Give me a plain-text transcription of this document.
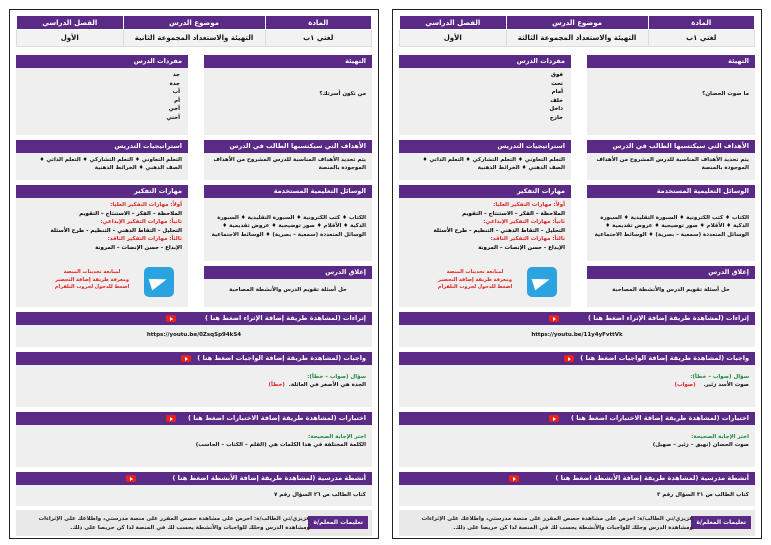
المادة	موضوع الدرس	الفصل الدراسي
لغتي ١ب	التهيئة والاستعداد المجموعة الثالثة	الأول
التهيئة
ما صوت الحصان؟
مفردات الدرس
فوق
تحت
أمام
خلف
داخل
خارج
الأهداف التي سيكتسبها الطالب في الدرس
يتم تحديد الأهداف المناسبة للدرس المشروح من الأهداف الموجودة بالمنصة
استراتيجيات التدريس
التعلم التعاوني ♦ التعلم التشاركي ♦ التعلم الذاتي ♦ الصف الذهني ♦ الخرائط الذهنية
الوسائل التعليمية المستخدمة
الكتاب ♦ كتب الكترونية ♦ السبورة التقليدية ♦ السبورة الذكية ♦ الأقلام ♦ صور توضيحية ♦ عروض تقديمية ♦ الوسائل المتعددة (سمعية – بصرية) ♦ الوسائط الاجتماعية
مهارات التفكير
أولاً: مهارات التفكير العليا:
الملاحظة – الفكر – الاستنتاج – التقويم
ثانياً: مهارات التفكير الإبداعي:
التحليل – التقاط الذهني – التنظيم - طرح الأسئلة
ثالثاً: مهارات التفكير الناقد:
الإبداع - حسن الإنصات – المرونة
لمتابعة تحديثات المنصة
ومعرفة طريقة إضافة التحضير
اضغط للدخول لجروب التلقرام
إغلاق الدرس
حل أسئلة تقويم الدرس والأنشطة المصاحبة
إثراءات (لمشاهدة طريقة إضافة الإثراء اضغط هنا )
https://youtu.be/11y4yFvttVk
واجبات (لمشاهدة طريقة إضافة الواجبات اضغط هنا )
سؤال (صواب – خطأ):
صوت الأسد زئير.    (صواب)
اختبارات (لمشاهدة طريقة إضافة الاختبارات اضغط هنا )
اختر الإجابة الصحيحة:
صوت الحصان (نهيق – زئير – صهيل)
أنشطة مدرسية (لمشاهدة طريقة إضافة الأنشطة اضغط هنا )
كتاب الطالب ص ٣١ السؤال رقم ٣
تعليمات المعلم/ة
عزيزي/تي الطالب/ة: احرص على مشاهدة حصص المقرر على منصة مدرستي، واطلاعك على الإثراءات ومشاهدة الدرس وحلك للواجبات والأنشطة يحسب لك في المنصة لذا كن حريصا على ذلك.
المادة	موضوع الدرس	الفصل الدراسي
لغتي ١ب	التهيئة والاستعداد المجموعة الثانية	الأول
التهيئة
من تكون أسرتك؟
مفردات الدرس
جد
جدة
أب
أم
أخي
أختي
الأهداف التي سيكتسبها الطالب في الدرس
يتم تحديد الأهداف المناسبة للدرس المشروح من الأهداف الموجودة بالمنصة
استراتيجيات التدريس
التعلم التعاوني ♦ التعلم التشاركي ♦ التعلم الذاتي ♦ الصف الذهني ♦ الخرائط الذهنية
الوسائل التعليمية المستخدمة
الكتاب ♦ كتب الكترونية ♦ السبورة التقليدية ♦ السبورة الذكية ♦ الأقلام ♦ صور توضيحية ♦ عروض تقديمية ♦ الوسائل المتعددة (سمعية – بصرية) ♦ الوسائط الاجتماعية
مهارات التفكير
أولاً: مهارات التفكير العليا:
الملاحظة – الفكر – الاستنتاج – التقويم
ثانياً: مهارات التفكير الإبداعي:
التحليل – التقاط الذهني – التنظيم - طرح الأسئلة
ثالثاً: مهارات التفكير الناقد:
الإبداع - حسن الإنصات – المرونة
لمتابعة تحديثات المنصة
ومعرفة طريقة إضافة التحضير
اضغط للدخول لجروب التلقرام
إغلاق الدرس
حل أسئلة تقويم الدرس والأنشطة المصاحبة
إثراءات (لمشاهدة طريقة إضافة الإثراء اضغط هنا )
https://youtu.be/0ZsqSp94kS4
واجبات (لمشاهدة طريقة إضافة الواجبات اضغط هنا )
سؤال (صواب – خطأ):
الجدة هي الأصغر في العائلة.  (خطأ)
اختبارات (لمشاهدة طريقة إضافة الاختبارات اضغط هنا )
اختر الإجابة الصحيحة:
الكلمة المختلفة في هذا الكلمات هي (القلم – الكتاب – الحاسب)
أنشطة مدرسية (لمشاهدة طريقة إضافة الأنشطة اضغط هنا )
كتاب الطالب ص ٢٦ السؤال رقم ٧
تعليمات المعلم/ة
عزيزي/تي الطالب/ة: احرص على مشاهدة حصص المقرر على منصة مدرستي، واطلاعك على الإثراءات ومشاهدة الدرس وحلك للواجبات والأنشطة يحسب لك في المنصة لذا كن حريصا على ذلك.
